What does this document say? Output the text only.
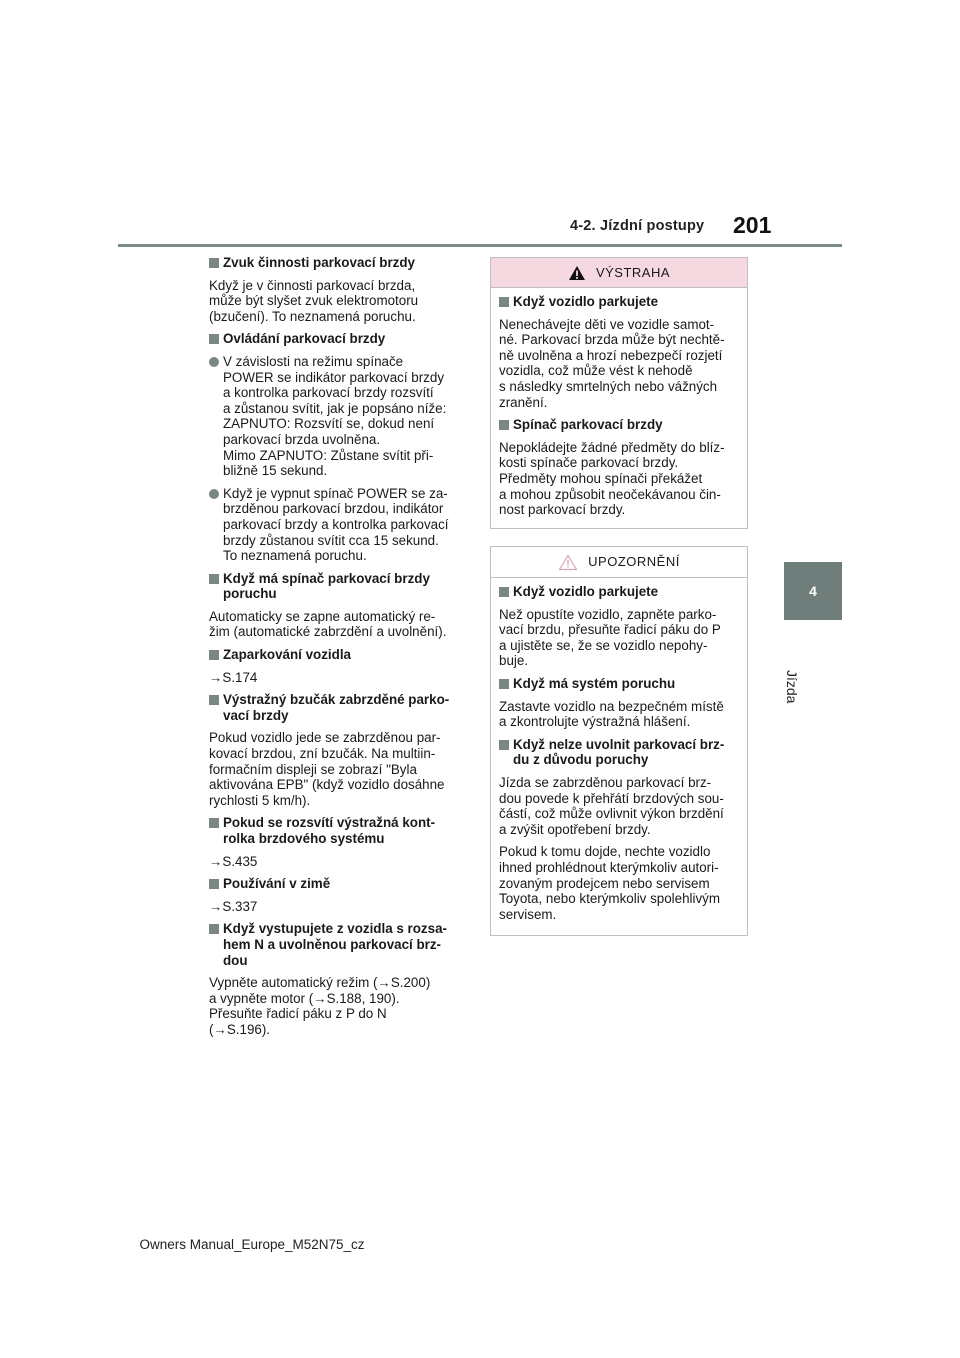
4-2. Jízdní postupy 201
4
Jízda
Zvuk činnosti parkovací brzdy

Když je v činnosti parkovací brzda,
může být slyšet zvuk elektromotoru
(bzučení). To neznamená poruchu.

Ovládání parkovací brzdy
V závislosti na režimu spínače
POWER se indikátor parkovací brzdy
a kontrolka parkovací brzdy rozsvítí
a zůstanou svítit, jak je popsáno níže:
ZAPNUTO: Rozsvítí se, dokud není
parkovací brzda uvolněna.
Mimo ZAPNUTO: Zůstane svítit při-
bližně 15 sekund.
Když je vypnut spínač POWER se za-
brzděnou parkovací brzdou, indikátor
parkovací brzdy a kontrolka parkovací
brzdy zůstanou svítit cca 15 sekund.
To neznamená poruchu.
Když má spínač parkovací brzdy
poruchu

Automaticky se zapne automatický re-
žim (automatické zabrzdění a uvolnění).

Zaparkování vozidla

→S.174

Výstražný bzučák zabrzděné parko-
vací brzdy

Pokud vozidlo jede se zabrzděnou par-
kovací brzdou, zní bzučák. Na multiin-
formačním displeji se zobrazí "Byla
aktivována EPB" (když vozidlo dosáhne
rychlosti 5 km/h).

Pokud se rozsvítí výstražná kont-
rolka brzdového systému

→S.435

Používání v zimě

→S.337

Když vystupujete z vozidla s rozsa-
hem N a uvolněnou parkovací brz-
dou

Vypněte automatický režim (→S.200)
a vypněte motor (→S.188, 190).
Přesuňte řadicí páku z P do N
(→S.196).

VÝSTRAHA
Když vozidlo parkujete

Nenechávejte děti ve vozidle samot-
né. Parkovací brzda může být nechtě-
ně uvolněna a hrozí nebezpečí rozjetí
vozidla, což může vést k nehodě
s následky smrtelných nebo vážných
zranění.

Spínač parkovací brzdy

Nepokládejte žádné předměty do blíz-
kosti spínače parkovací brzdy.
Předměty mohou spínači překážet
a mohou způsobit neočekávanou čin-
nost parkovací brzdy.

UPOZORNĚNÍ
Když vozidlo parkujete

Než opustíte vozidlo, zapněte parko-
vací brzdu, přesuňte řadicí páku do P
a ujistěte se, že se vozidlo nepohy-
buje.

Když má systém poruchu

Zastavte vozidlo na bezpečném místě
a zkontrolujte výstražná hlášení.

Když nelze uvolnit parkovací brz-
du z důvodu poruchy

Jízda se zabrzděnou parkovací brz-
dou povede k přehřátí brzdových sou-
částí, což může ovlivnit výkon brzdění
a zvýšit opotřebení brzdy.

Pokud k tomu dojde, nechte vozidlo
ihned prohlédnout kterýmkoliv autori-
zovaným prodejcem nebo servisem
Toyota, nebo kterýmkoliv spolehlivým
servisem.

Owners Manual_Europe_M52N75_cz
